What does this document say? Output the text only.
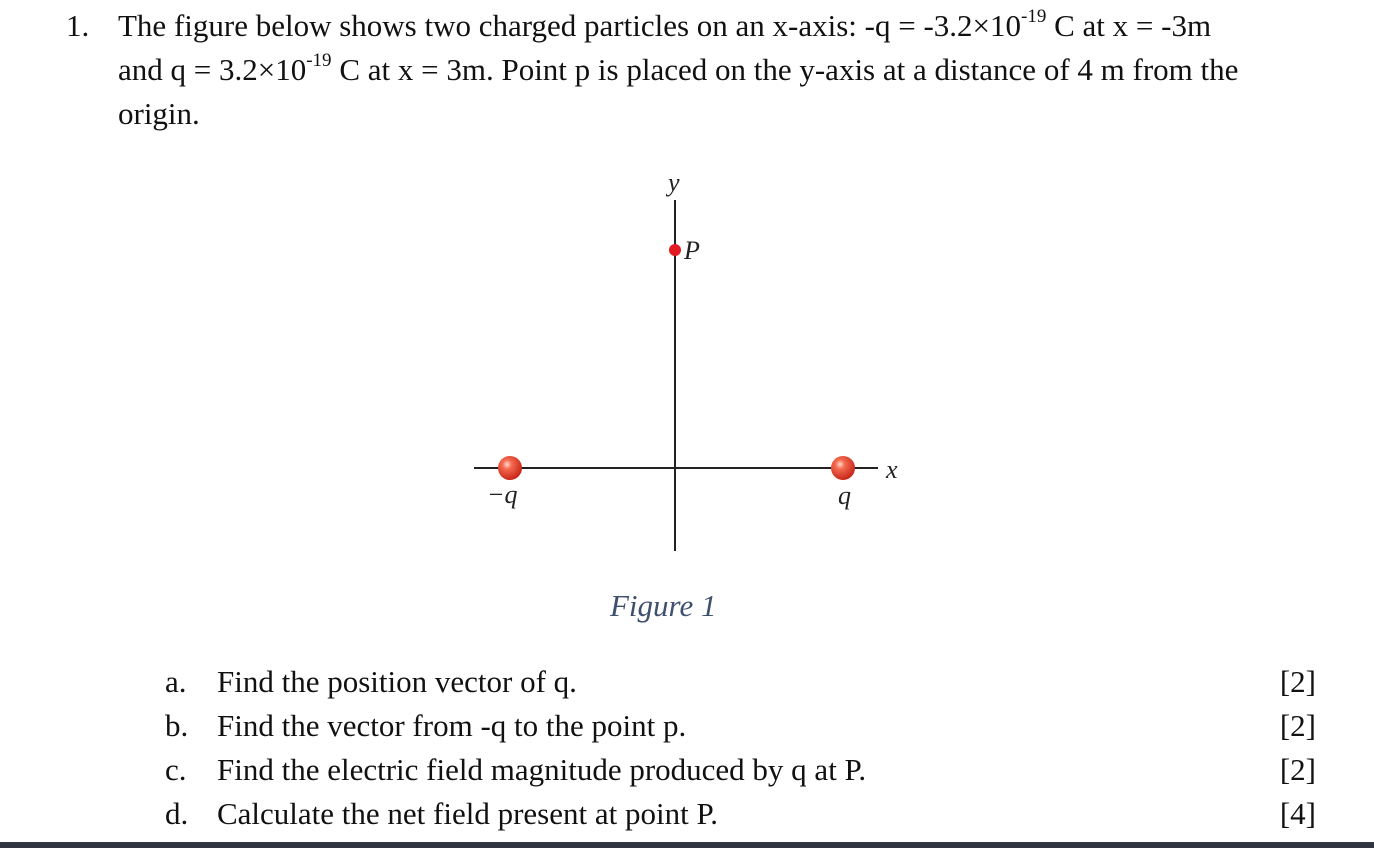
1. The figure below shows two charged particles on an x-axis: $-q = -3.2\times 10^{-19}$ C at x = -3m
and $q = 3.2\times 10^{-19}$ C at x = 3m. Point p is placed on the y-axis at a distance of 4 m from the
origin.
y
x
P
−q	q
Figure 1
a. Find the position vector of q.	[2]
b. Find the vector from -q to the point p.	[2]
c. Find the electric field magnitude produced by q at P.	[2]
d. Calculate the net field present at point P.	[4]
